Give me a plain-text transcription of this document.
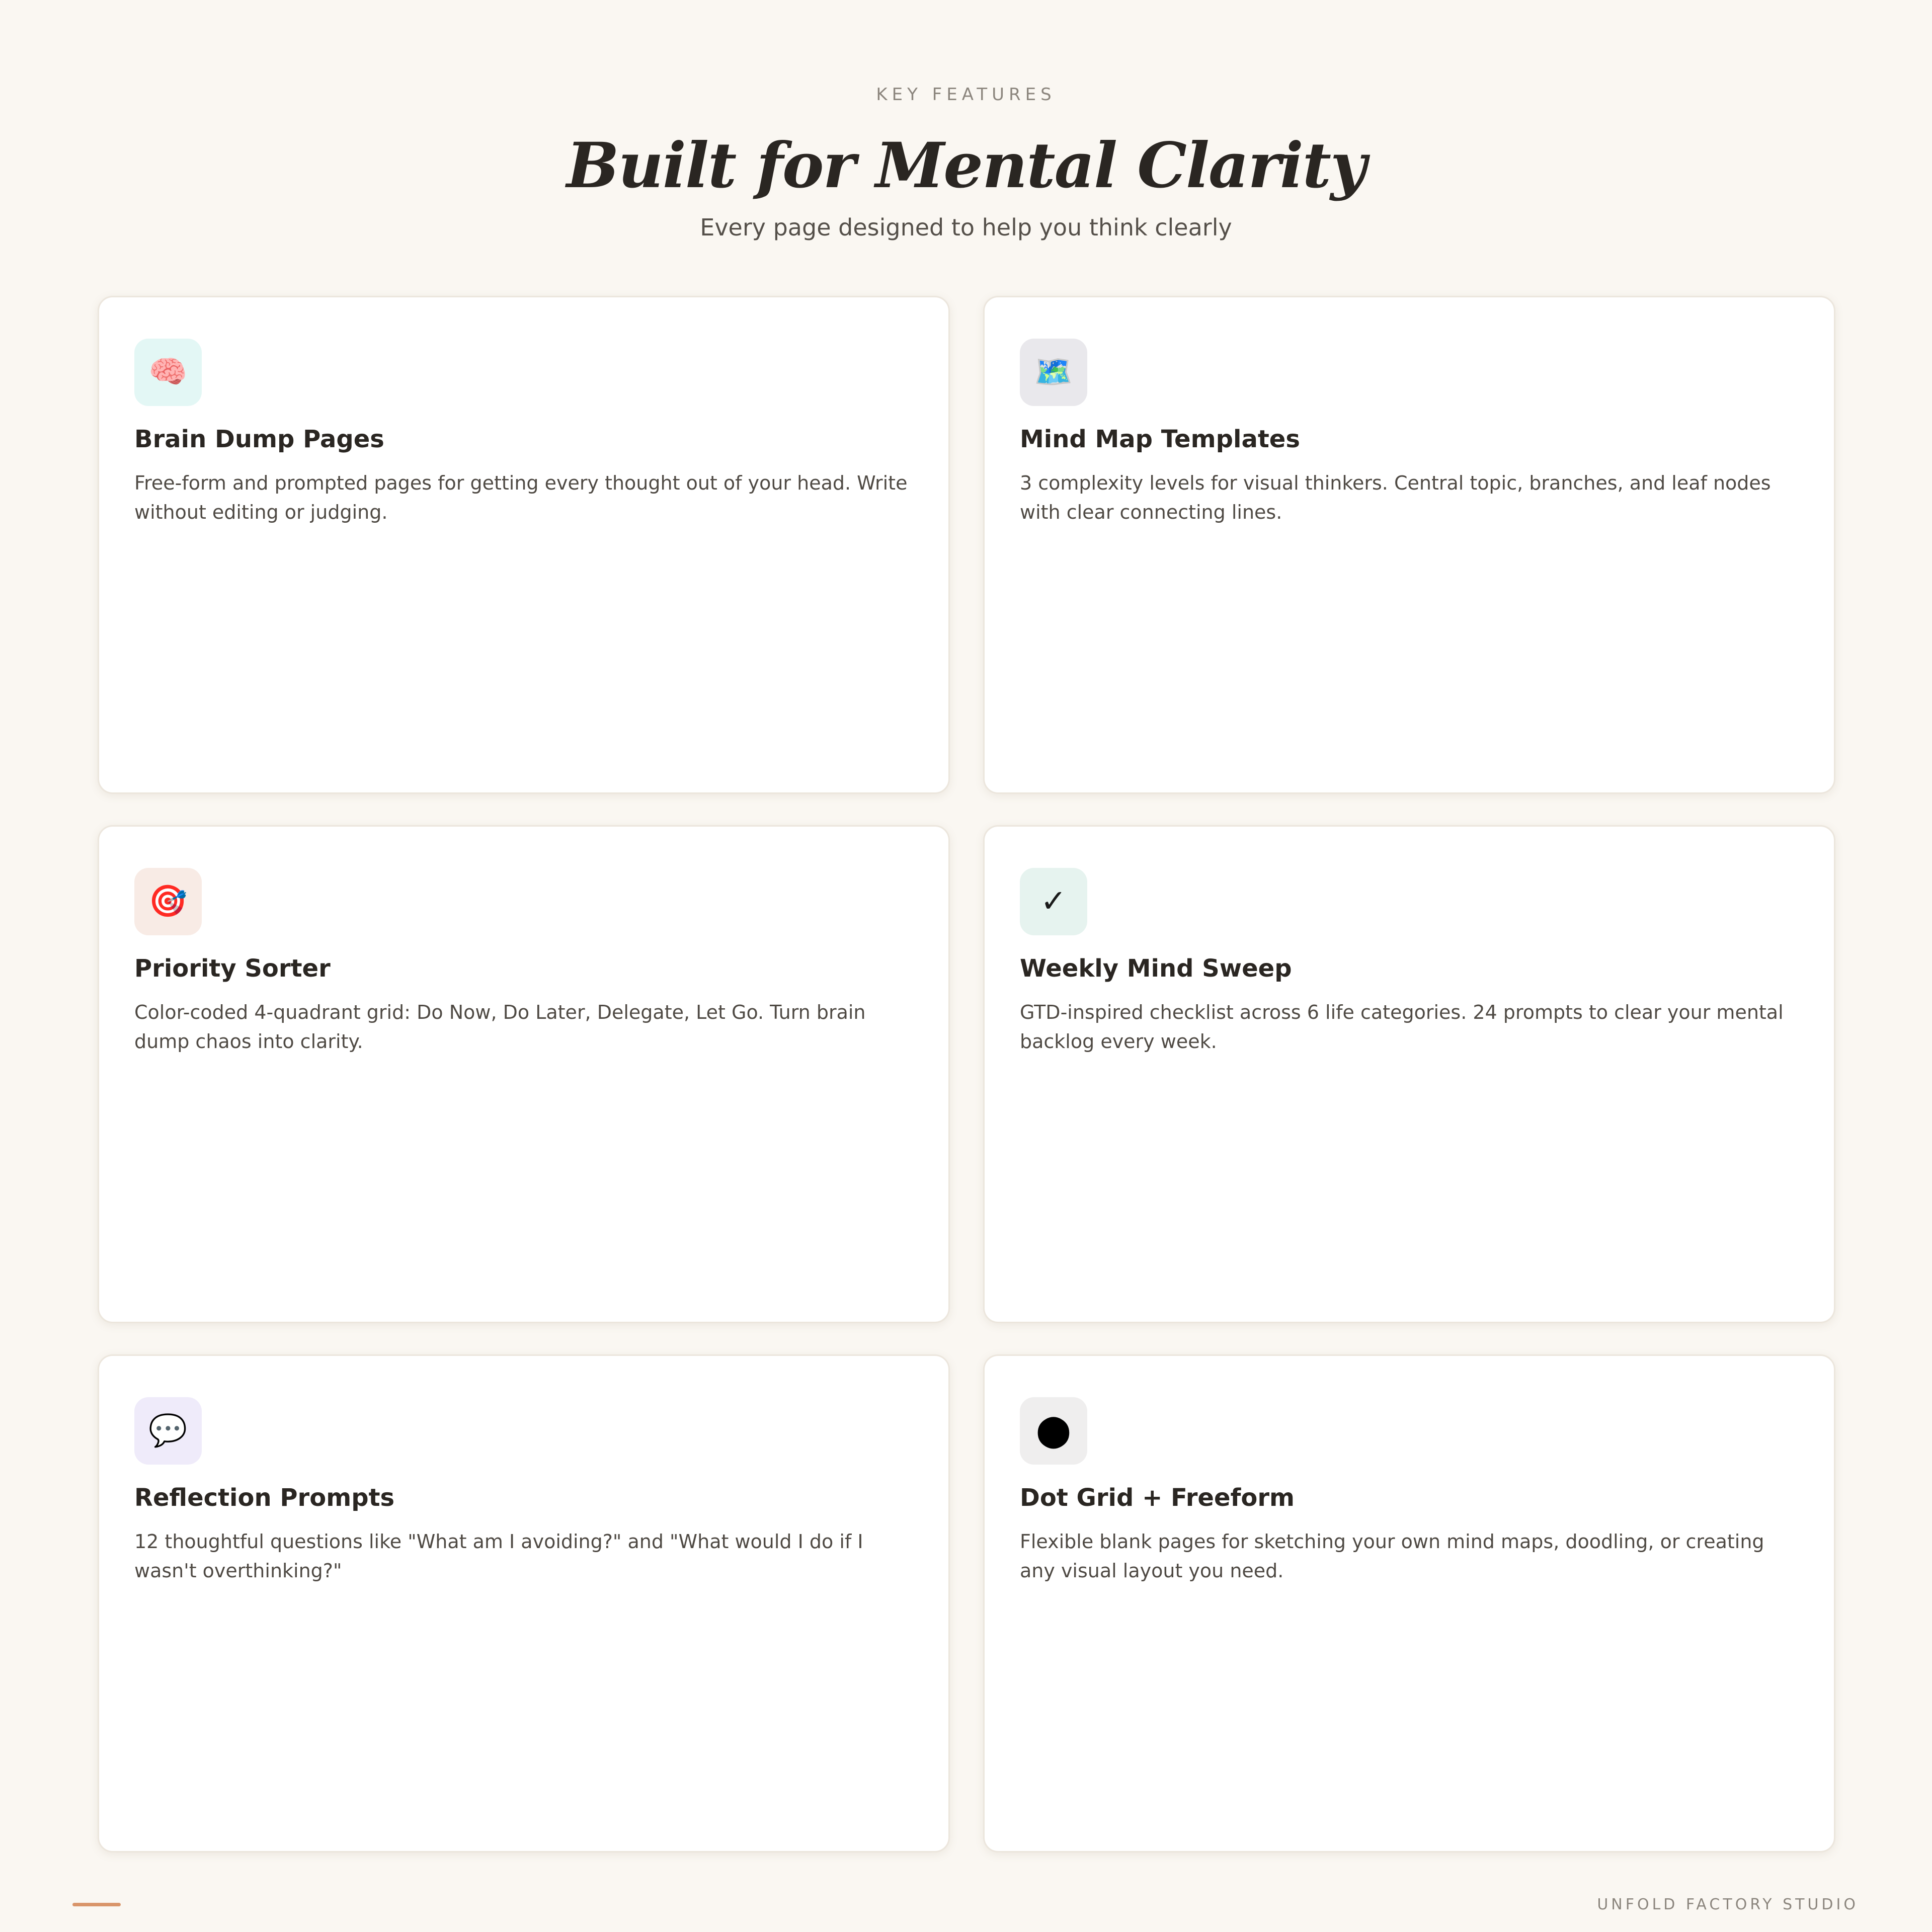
KEY FEATURES
Built for Mental Clarity
Every page designed to help you think clearly
🧠
Brain Dump Pages
Free-form and prompted pages for getting every thought out of your head. Write without editing or judging.
🗺️
Mind Map Templates
3 complexity levels for visual thinkers. Central topic, branches, and leaf nodes with clear connecting lines.
🎯
Priority Sorter
Color-coded 4-quadrant grid: Do Now, Do Later, Delegate, Let Go. Turn brain dump chaos into clarity.
✓
Weekly Mind Sweep
GTD-inspired checklist across 6 life categories. 24 prompts to clear your mental backlog every week.
💬
Reflection Prompts
12 thoughtful questions like "What am I avoiding?" and "What would I do if I wasn't overthinking?"
⬤
Dot Grid + Freeform
Flexible blank pages for sketching your own mind maps, doodling, or creating any visual layout you need.
UNFOLD FACTORY STUDIO
